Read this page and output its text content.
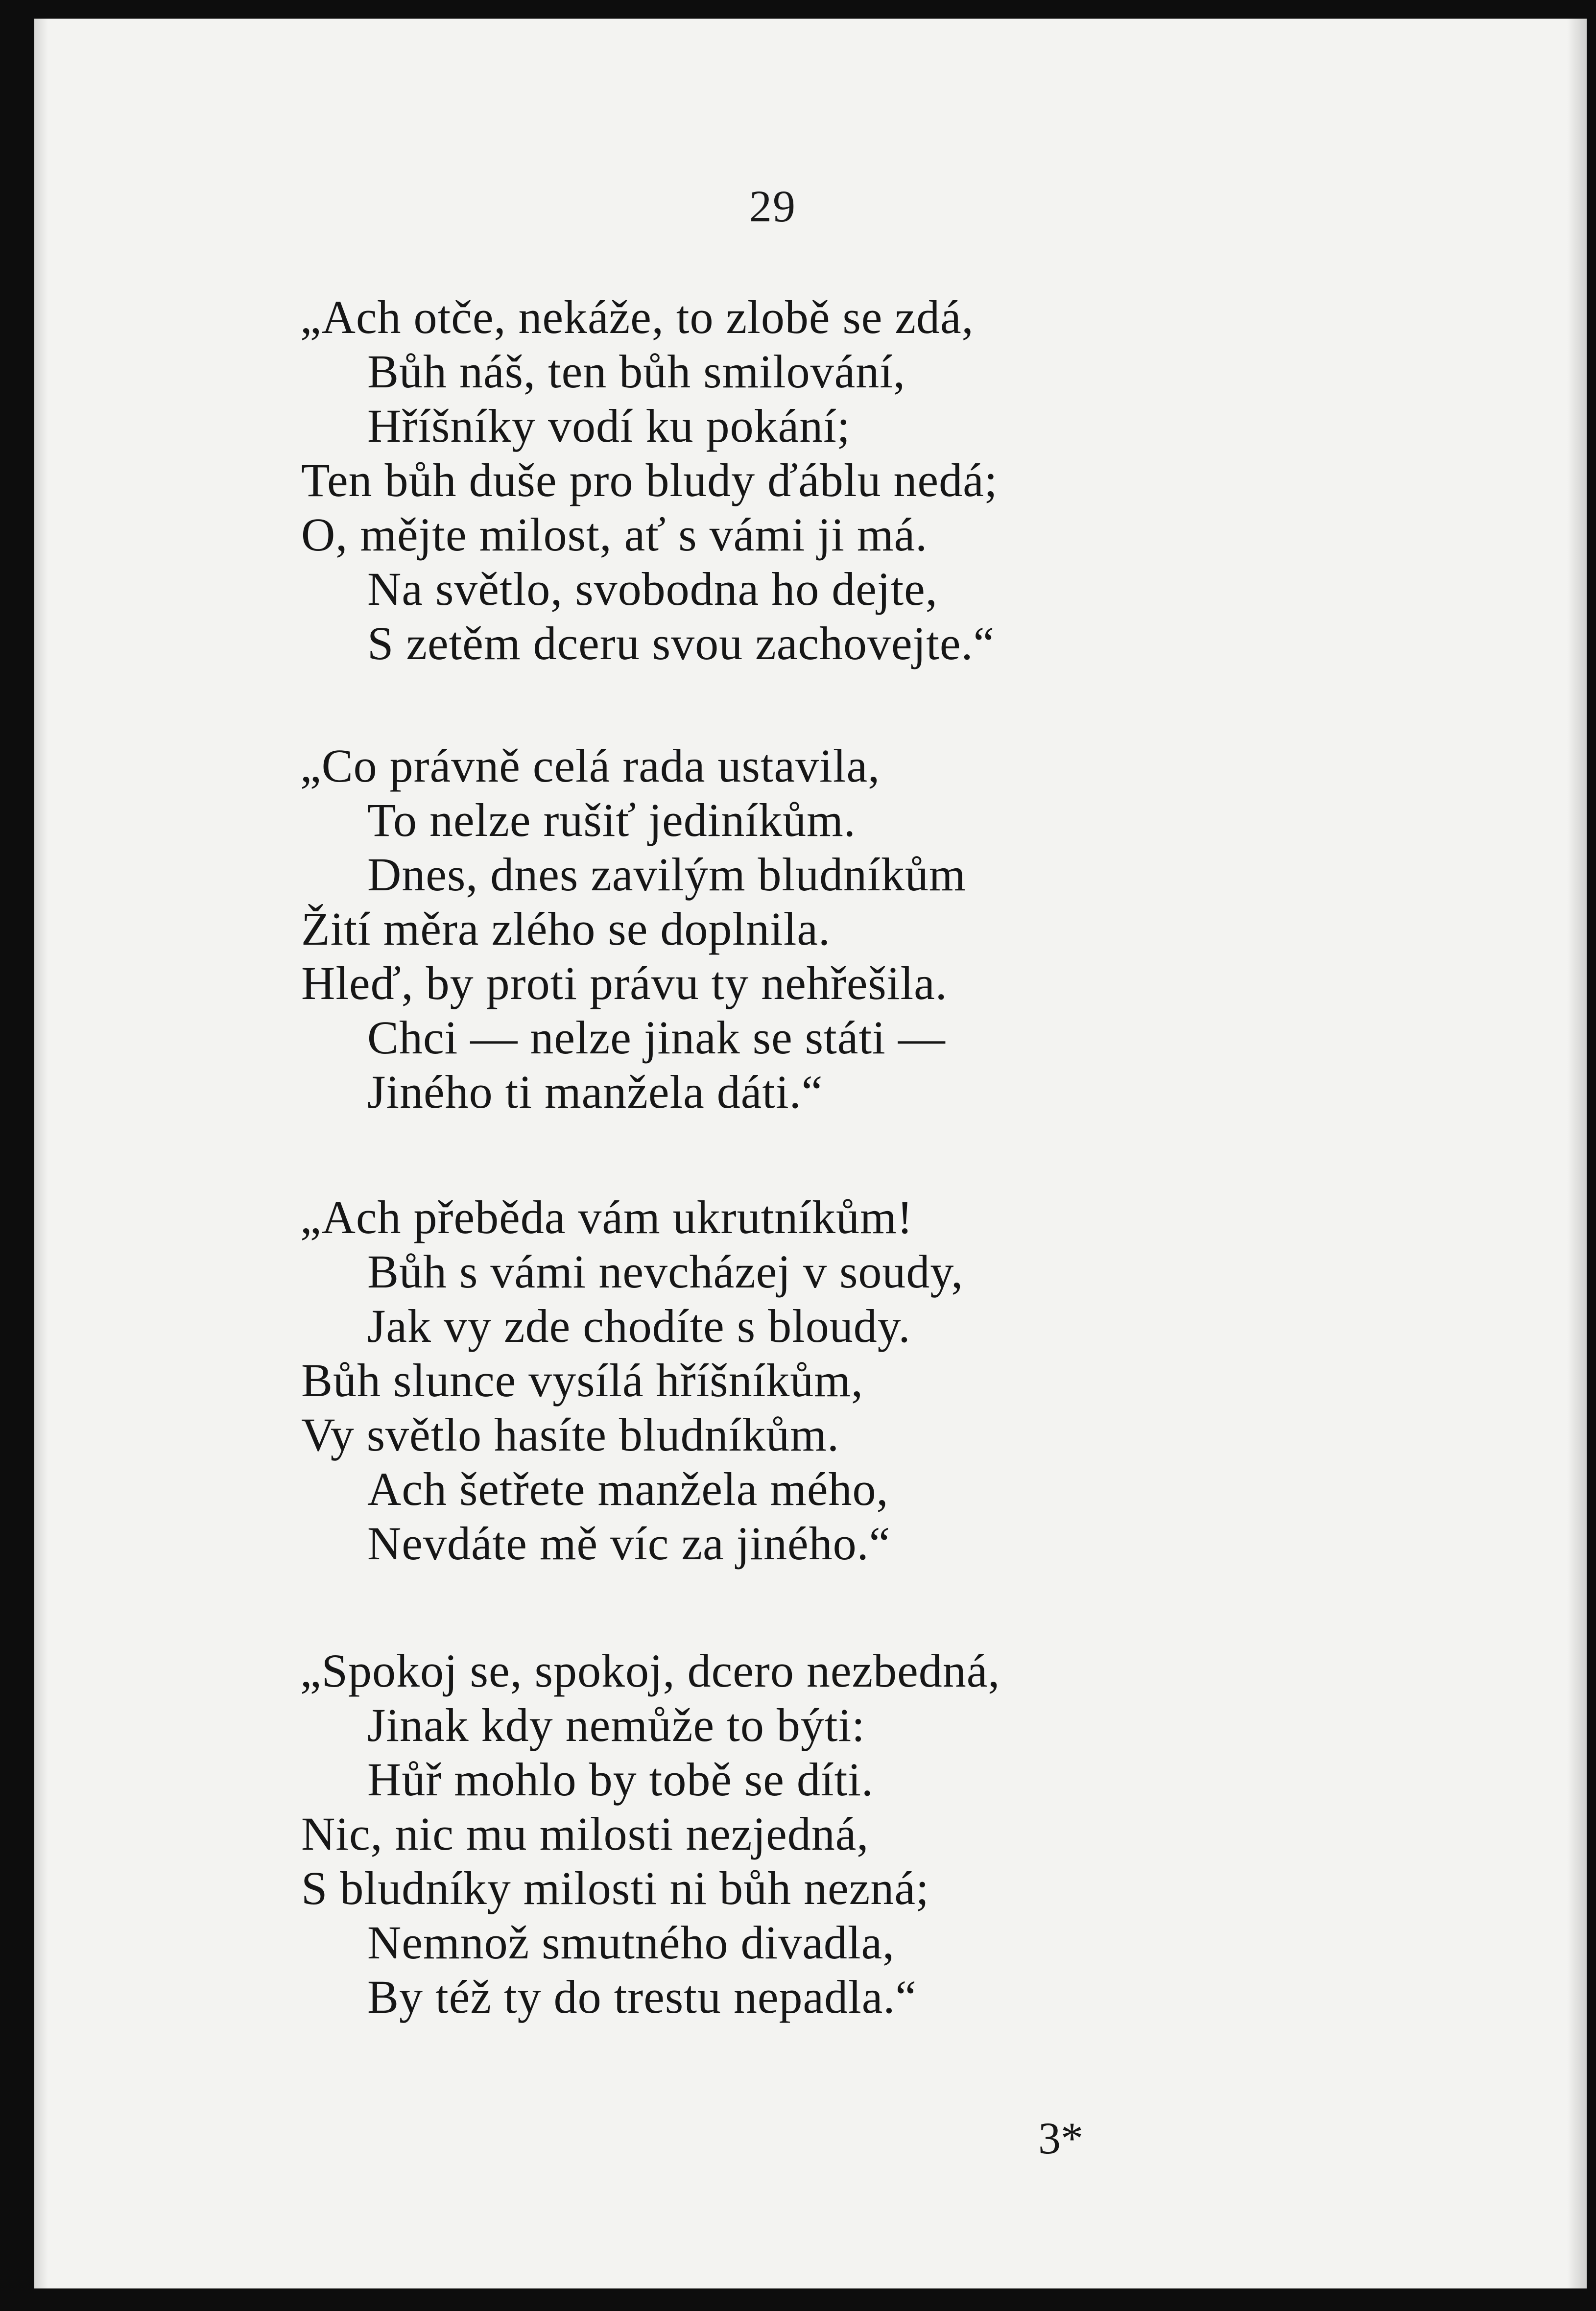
29
„Ach otče, nekáže, to zlobě se zdá,
Bůh náš, ten bůh smilování,
Hříšníky vodí ku pokání;
Ten bůh duše pro bludy ďáblu nedá;
O, mějte milost, ať s vámi ji má.
Na světlo, svobodna ho dejte,
S zetěm dceru svou zachovejte.“
„Co právně celá rada ustavila,
To nelze rušiť jediníkům.
Dnes, dnes zavilým bludníkům
Žití měra zlého se doplnila.
Hleď, by proti právu ty nehřešila.
Chci — nelze jinak se státi —
Jiného ti manžela dáti.“
„Ach přeběda vám ukrutníkům!
Bůh s vámi nevcházej v soudy,
Jak vy zde chodíte s bloudy.
Bůh slunce vysílá hříšníkům,
Vy světlo hasíte bludníkům.
Ach šetřete manžela mého,
Nevdáte mě víc za jiného.“
„Spokoj se, spokoj, dcero nezbedná,
Jinak kdy nemůže to býti:
Hůř mohlo by tobě se díti.
Nic, nic mu milosti nezjedná,
S bludníky milosti ni bůh nezná;
Nemnož smutného divadla,
By též ty do trestu nepadla.“
3*
